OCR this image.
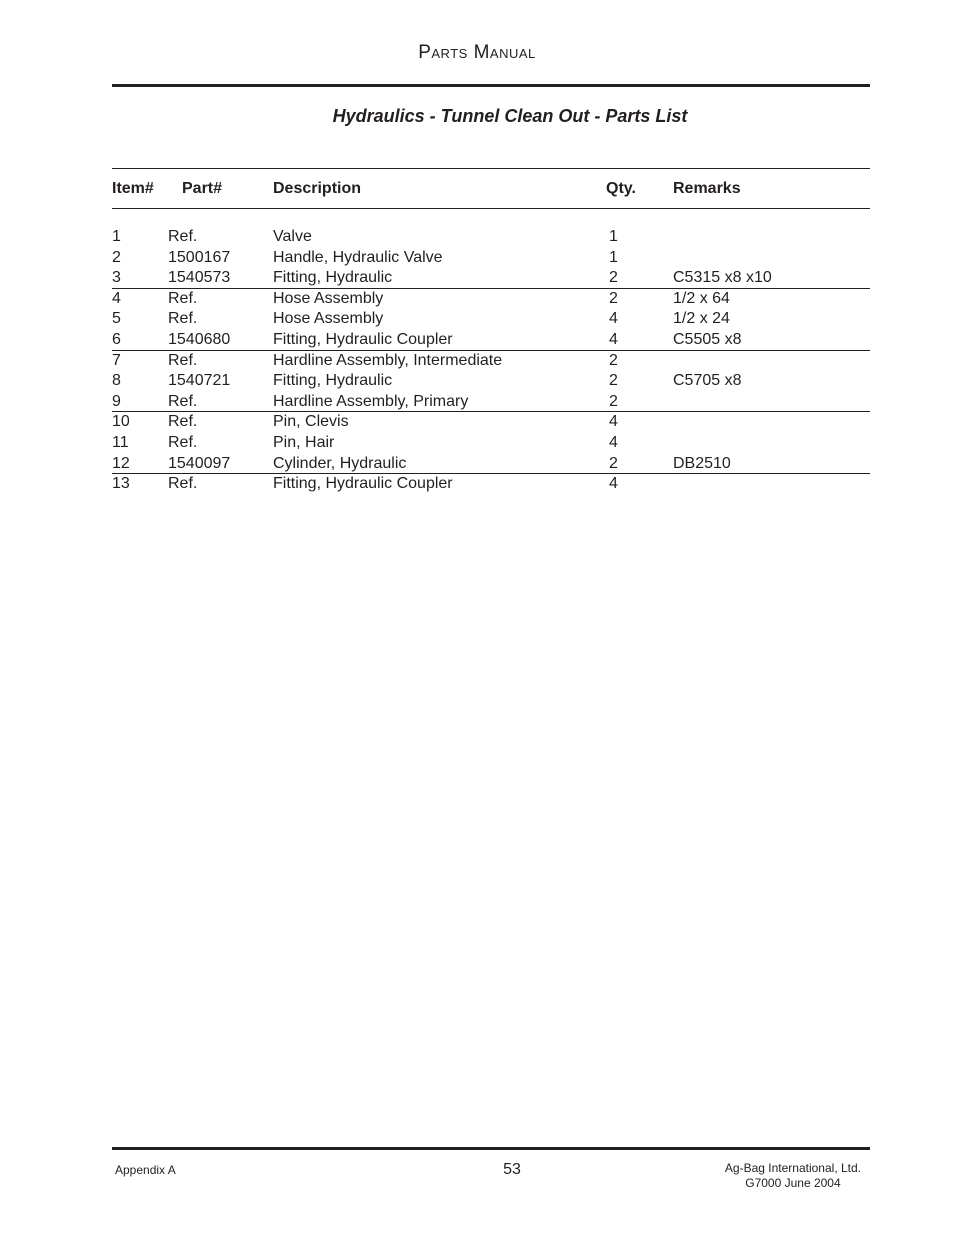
Parts Manual
Hydraulics - Tunnel Clean Out - Parts List
Item# Part#	Description	Qty. Remarks
1	Ref.	Valve	1
2	1500167	Handle, Hydraulic Valve	1
3	1540573	Fitting, Hydraulic	2	C5315 x8 x10
4	Ref.	Hose Assembly	2	1/2 x 64
5	Ref.	Hose Assembly	4	1/2 x 24
6	1540680	Fitting, Hydraulic Coupler	4	C5505 x8
7	Ref.	Hardline Assembly, Intermediate	2
8	1540721	Fitting, Hydraulic	2	C5705 x8
9	Ref.	Hardline Assembly, Primary	2
10 Ref.	Pin, Clevis	4
11 Ref.	Pin, Hair	4
12 1540097	Cylinder, Hydraulic	2	DB2510
13 Ref.	Fitting, Hydraulic Coupler	4
Appendix A	53	Ag-Bag International, Ltd.
G7000 June 2004
